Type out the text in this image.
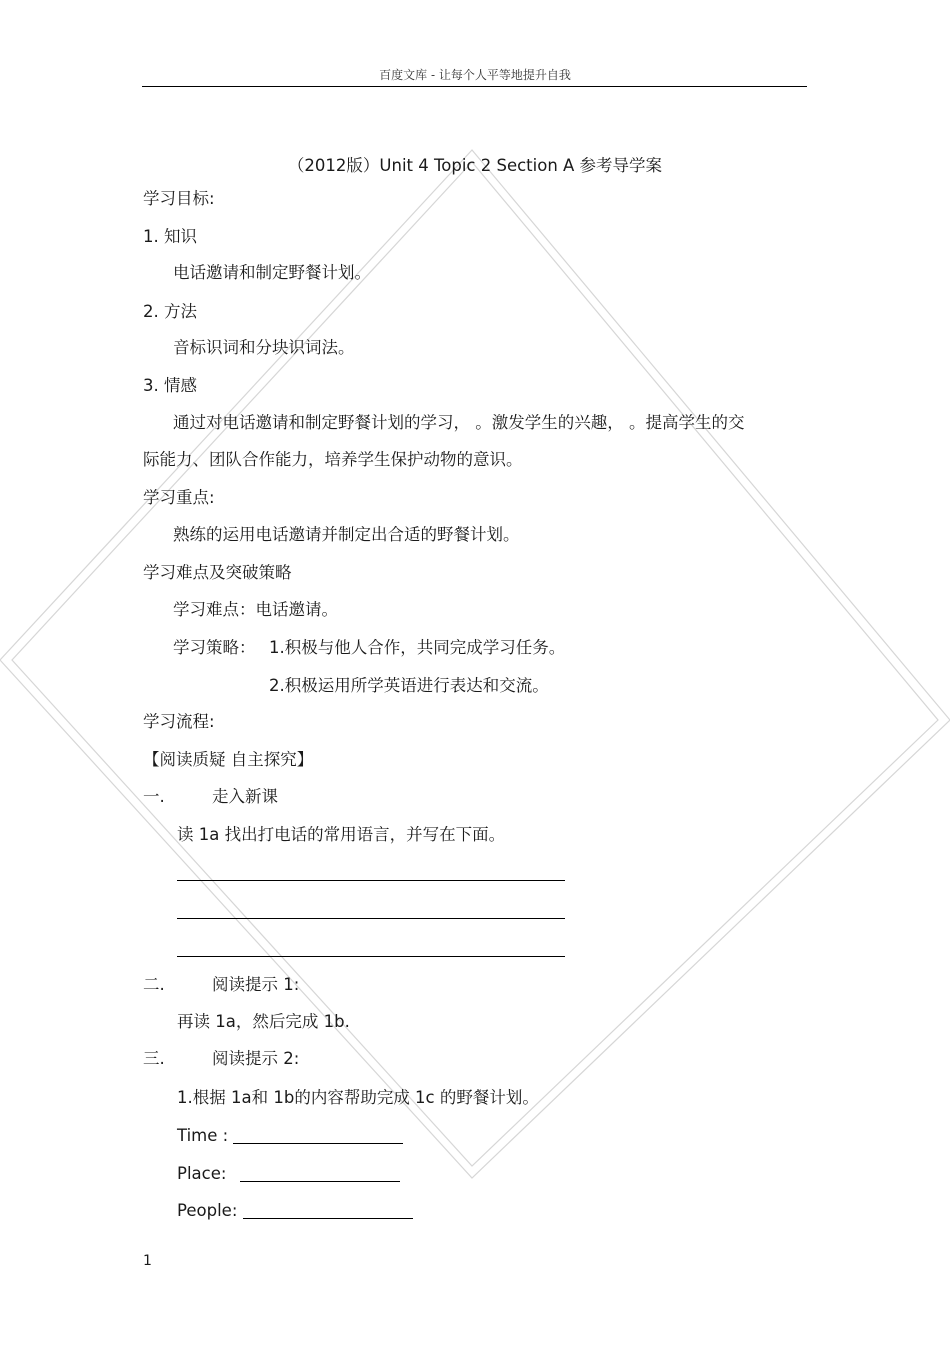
百度文库 - 让每个人平等地提升自我
（2012版）Unit 4 Topic 2 Section A 参考导学案
学习目标:
1. 知识
电话邀请和制定野餐计划。
2. 方法
音标识词和分块识词法。
3. 情感
通过对电话邀请和制定野餐计划的学习， 。激发学生的兴趣， 。提高学生的交
际能力、团队合作能力，培养学生保护动物的意识。
学习重点:
熟练的运用电话邀请并制定出合适的野餐计划。
学习难点及突破策略
学习难点：电话邀请。
学习策略： 1.积极与他人合作，共同完成学习任务。
2.积极运用所学英语进行表达和交流。
学习流程:
【阅读质疑 自主探究】
一.	走入新课
读 1a 找出打电话的常用语言，并写在下面。
二.	阅读提示 1:
再读 1a，然后完成 1b.
三.	阅读提示 2:
1.根据 1a和 1b的内容帮助完成 1c 的野餐计划。
Time :
Place:
People:
1
